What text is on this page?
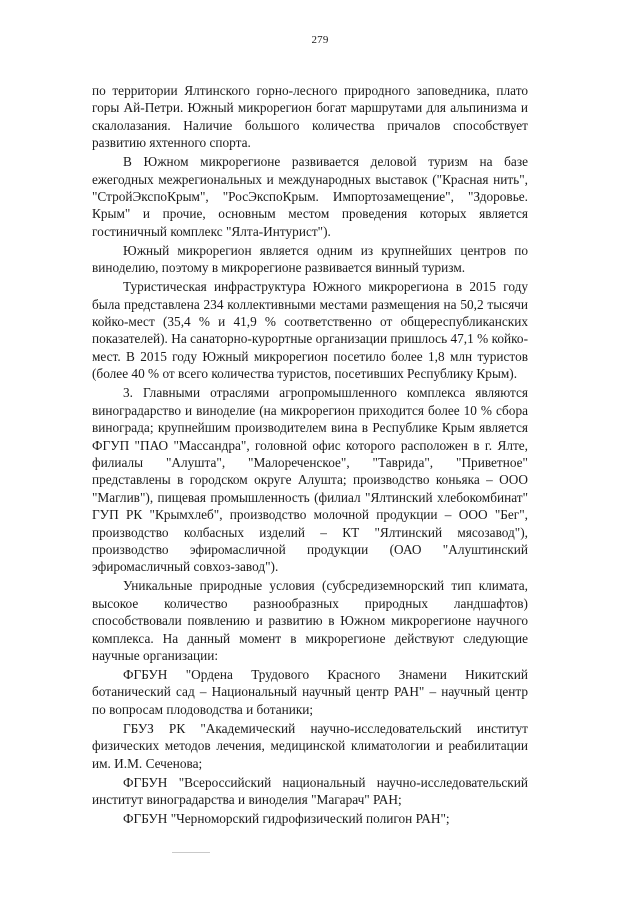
279

по территории Ялтинского горно-лесного природного заповедника, плато горы Ай-Петри. Южный микрорегион богат маршрутами для альпинизма и скалолазания. Наличие большого количества причалов способствует развитию яхтенного спорта.

В Южном микрорегионе развивается деловой туризм на базе ежегодных межрегиональных и международных выставок ("Красная нить", "СтройЭкспоКрым", "РосЭкспоКрым. Импортозамещение", "Здоровье. Крым" и прочие, основным местом проведения которых является гостиничный комплекс "Ялта-Интурист").

Южный микрорегион является одним из крупнейших центров по виноделию, поэтому в микрорегионе развивается винный туризм.

Туристическая инфраструктура Южного микрорегиона в 2015 году была представлена 234 коллективными местами размещения на 50,2 тысячи койко-мест (35,4 % и 41,9 % соответственно от общереспубликанских показателей). На санаторно-курортные организации пришлось 47,1 % койко-мест. В 2015 году Южный микрорегион посетило более 1,8 млн туристов (более 40 % от всего количества туристов, посетивших Республику Крым).

3. Главными отраслями агропромышленного комплекса являются виноградарство и виноделие (на микрорегион приходится более 10 % сбора винограда; крупнейшим производителем вина в Республике Крым является ФГУП "ПАО "Массандра", головной офис которого расположен в г. Ялте, филиалы "Алушта", "Малореченское", "Таврида", "Приветное" представлены в городском округе Алушта; производство коньяка – ООО "Маглив"), пищевая промышленность (филиал "Ялтинский хлебокомбинат" ГУП РК "Крымхлеб", производство молочной продукции – ООО "Бег", производство колбасных изделий – КТ "Ялтинский мясозавод"), производство эфиромасличной продукции (ОАО "Алуштинский эфиромасличный совхоз-завод").

Уникальные природные условия (субсредиземнорский тип климата, высокое количество разнообразных природных ландшафтов) способствовали появлению и развитию в Южном микрорегионе научного комплекса. На данный момент в микрорегионе действуют следующие научные организации:

ФГБУН "Ордена Трудового Красного Знамени Никитский ботанический сад – Национальный научный центр РАН" – научный центр по вопросам плодоводства и ботаники;

ГБУЗ РК "Академический научно-исследовательский институт физических методов лечения, медицинской климатологии и реабилитации им. И.М. Сеченова;

ФГБУН "Всероссийский национальный научно-исследовательский институт виноградарства и виноделия "Магарач" РАН;

ФГБУН "Черноморский гидрофизический полигон РАН";
